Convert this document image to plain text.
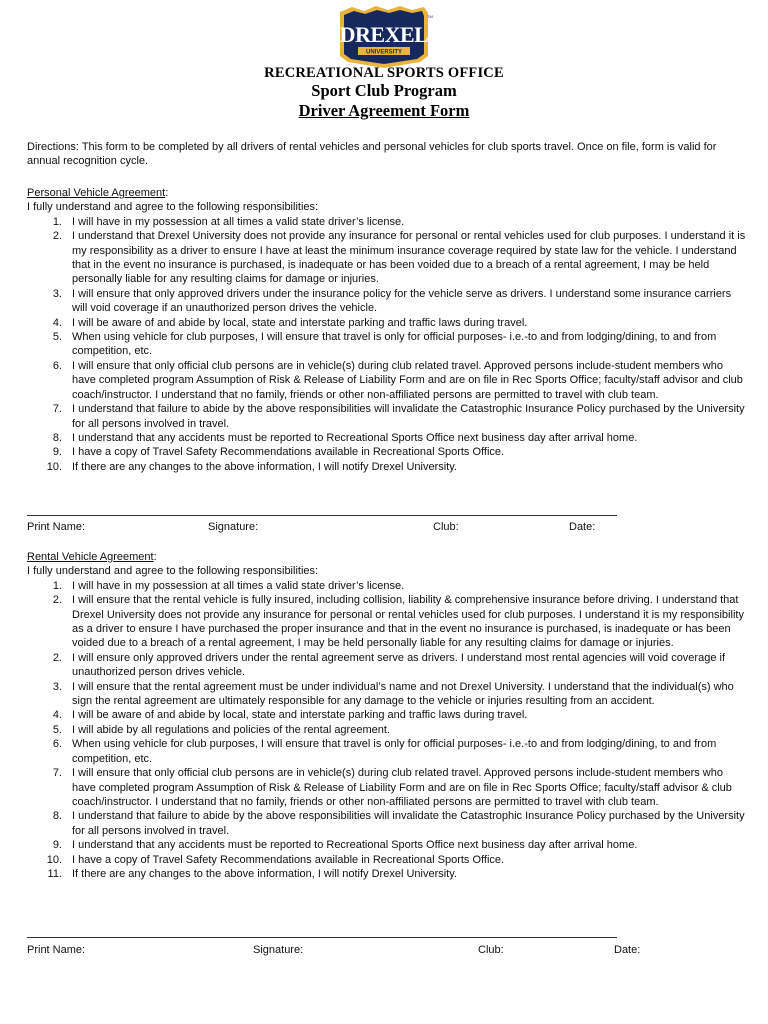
DREXEL
UNIVERSITY
TM
RECREATIONAL SPORTS OFFICE
Sport Club Program
Driver Agreement Form
Directions: This form to be completed by all drivers of rental vehicles and personal vehicles for club sports travel. Once on file, form is valid for annual recognition cycle.
Personal Vehicle Agreement:
I fully understand and agree to the following responsibilities:
1. I will have in my possession at all times a valid state driver’s license.
2. I understand that Drexel University does not provide any insurance for personal or rental vehicles used for club purposes. I understand it is my responsibility as a driver to ensure I have at least the minimum insurance coverage required by state law for the vehicle. I understand that in the event no insurance is purchased, is inadequate or has been voided due to a breach of a rental agreement, I may be held personally liable for any resulting claims for damage or injuries.
3. I will ensure that only approved drivers under the insurance policy for the vehicle serve as drivers. I understand some insurance carriers will void coverage if an unauthorized person drives the vehicle.
4. I will be aware of and abide by local, state and interstate parking and traffic laws during travel.
5. When using vehicle for club purposes, I will ensure that travel is only for official purposes- i.e.-to and from lodging/dining, to and from competition, etc.
6. I will ensure that only official club persons are in vehicle(s) during club related travel. Approved persons include-student members who have completed program Assumption of Risk & Release of Liability Form and are on file in Rec Sports Office; faculty/staff advisor and club coach/instructor. I understand that no family, friends or other non-affiliated persons are permitted to travel with club team.
7. I understand that failure to abide by the above responsibilities will invalidate the Catastrophic Insurance Policy purchased by the University for all persons involved in travel.
8. I understand that any accidents must be reported to Recreational Sports Office next business day after arrival home.
9. I have a copy of Travel Safety Recommendations available in Recreational Sports Office.
10. If there are any changes to the above information, I will notify Drexel University.
Print Name:	Signature:	Club:	Date:
Rental Vehicle Agreement:
I fully understand and agree to the following responsibilities:
1. I will have in my possession at all times a valid state driver’s license.
2. I will ensure that the rental vehicle is fully insured, including collision, liability & comprehensive insurance before driving. I understand that Drexel University does not provide any insurance for personal or rental vehicles used for club purposes. I understand it is my responsibility as a driver to ensure I have purchased the proper insurance and that in the event no insurance is purchased, is inadequate or has been voided due to a breach of a rental agreement, I may be held personally liable for any resulting claims for damage or injuries.
2. I will ensure only approved drivers under the rental agreement serve as drivers. I understand most rental agencies will void coverage if unauthorized person drives vehicle.
3. I will ensure that the rental agreement must be under individual’s name and not Drexel University. I understand that the individual(s) who sign the rental agreement are ultimately responsible for any damage to the vehicle or injuries resulting from an accident.
4. I will be aware of and abide by local, state and interstate parking and traffic laws during travel.
5. I will abide by all regulations and policies of the rental agreement.
6. When using vehicle for club purposes, I will ensure that travel is only for official purposes- i.e.-to and from lodging/dining, to and from competition, etc.
7. I will ensure that only official club persons are in vehicle(s) during club related travel. Approved persons include-student members who have completed program Assumption of Risk & Release of Liability Form and are on file in Rec Sports Office; faculty/staff advisor & club coach/instructor. I understand that no family, friends or other non-affiliated persons are permitted to travel with club team.
8. I understand that failure to abide by the above responsibilities will invalidate the Catastrophic Insurance Policy purchased by the University for all persons involved in travel.
9. I understand that any accidents must be reported to Recreational Sports Office next business day after arrival home.
10. I have a copy of Travel Safety Recommendations available in Recreational Sports Office.
11. If there are any changes to the above information, I will notify Drexel University.
Print Name:	Signature:	Club:	Date:
